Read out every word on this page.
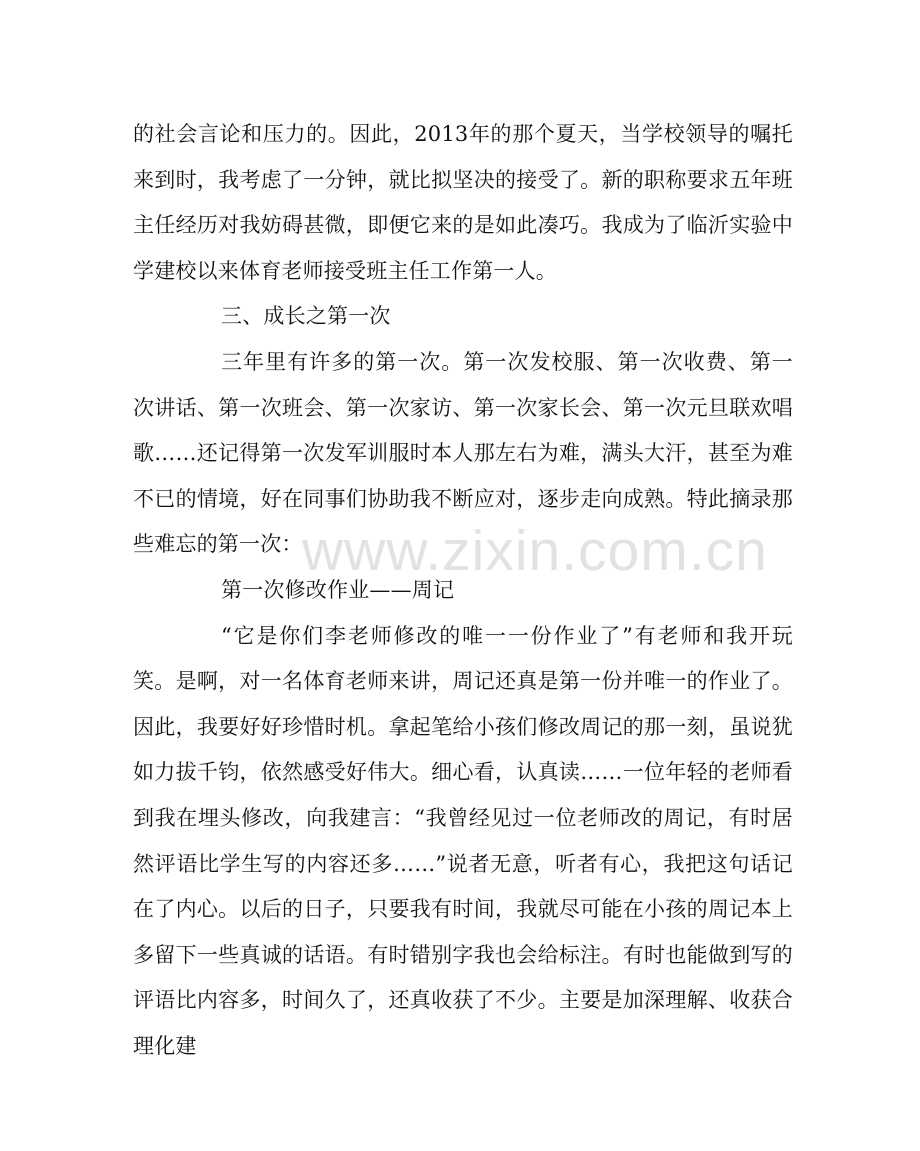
的社会言论和压力的。因此，2013年的那个夏天，当学校领导的嘱托来到时，我考虑了一分钟，就比拟坚决的接受了。新的职称要求五年班主任经历对我妨碍甚微，即便它来的是如此凑巧。我成为了临沂实验中学建校以来体育老师接受班主任工作第一人。

三、成长之第一次

三年里有许多的第一次。第一次发校服、第一次收费、第一次讲话、第一次班会、第一次家访、第一次家长会、第一次元旦联欢唱歌……还记得第一次发军训服时本人那左右为难，满头大汗，甚至为难不已的情境，好在同事们协助我不断应对，逐步走向成熟。特此摘录那些难忘的第一次：

第一次修改作业——周记

“它是你们李老师修改的唯一一份作业了”有老师和我开玩笑。是啊，对一名体育老师来讲，周记还真是第一份并唯一的作业了。因此，我要好好珍惜时机。拿起笔给小孩们修改周记的那一刻，虽说犹如力拔千钧，依然感受好伟大。细心看，认真读……一位年轻的老师看到我在埋头修改，向我建言：“我曾经见过一位老师改的周记，有时居然评语比学生写的内容还多……”说者无意，听者有心，我把这句话记在了内心。以后的日子，只要我有时间，我就尽可能在小孩的周记本上多留下一些真诚的话语。有时错别字我也会给标注。有时也能做到写的评语比内容多，时间久了，还真收获了不少。主要是加深理解、收获合理化建

www.zixin.com.cn
